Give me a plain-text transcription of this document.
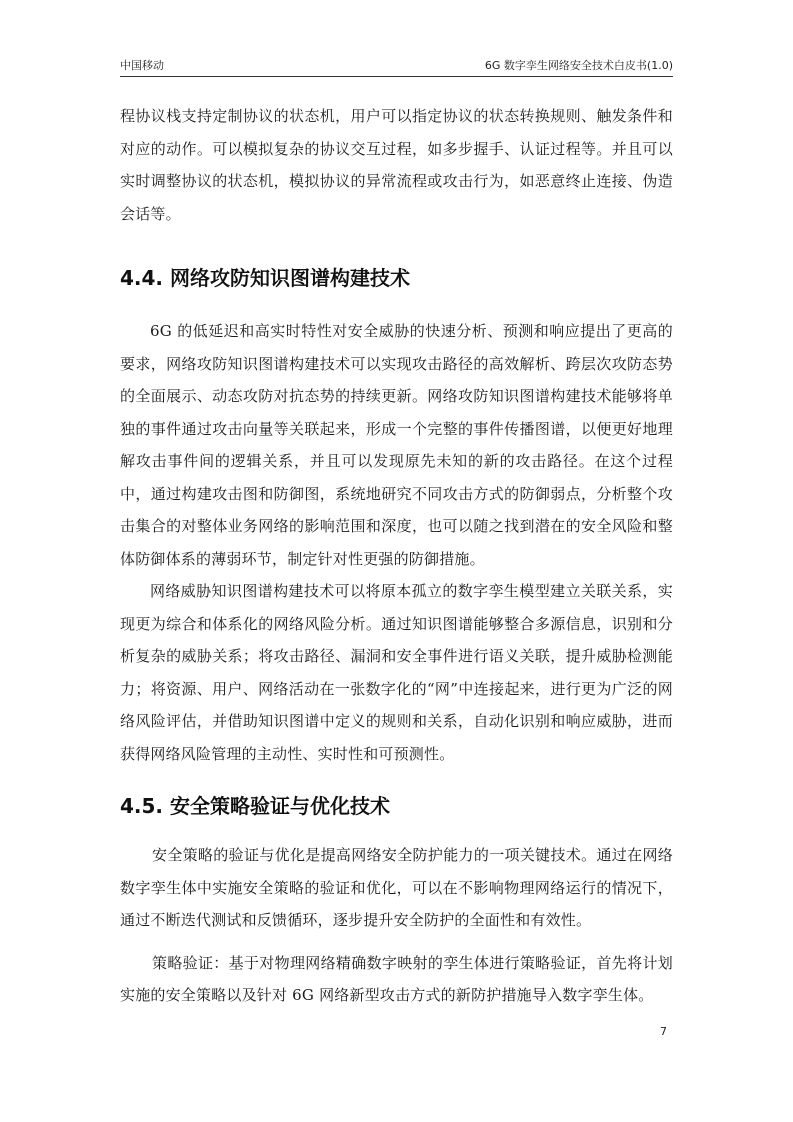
中国移动	6G 数字孪生网络安全技术白皮书(1.0)

程协议栈支持定制协议的状态机，用户可以指定协议的状态转换规则、触发条件和对应的动作。可以模拟复杂的协议交互过程，如多步握手、认证过程等。并且可以实时调整协议的状态机，模拟协议的异常流程或攻击行为，如恶意终止连接、伪造会话等。

4.4. 网络攻防知识图谱构建技术

6G 的低延迟和高实时特性对安全威胁的快速分析、预测和响应提出了更高的要求，网络攻防知识图谱构建技术可以实现攻击路径的高效解析、跨层次攻防态势的全面展示、动态攻防对抗态势的持续更新。网络攻防知识图谱构建技术能够将单独的事件通过攻击向量等关联起来，形成一个完整的事件传播图谱，以便更好地理解攻击事件间的逻辑关系，并且可以发现原先未知的新的攻击路径。在这个过程中，通过构建攻击图和防御图，系统地研究不同攻击方式的防御弱点，分析整个攻击集合的对整体业务网络的影响范围和深度，也可以随之找到潜在的安全风险和整体防御体系的薄弱环节，制定针对性更强的防御措施。

网络威胁知识图谱构建技术可以将原本孤立的数字孪生模型建立关联关系，实现更为综合和体系化的网络风险分析。通过知识图谱能够整合多源信息，识别和分析复杂的威胁关系；将攻击路径、漏洞和安全事件进行语义关联，提升威胁检测能力；将资源、用户、网络活动在一张数字化的“网”中连接起来，进行更为广泛的网络风险评估，并借助知识图谱中定义的规则和关系，自动化识别和响应威胁，进而获得网络风险管理的主动性、实时性和可预测性。

4.5. 安全策略验证与优化技术

安全策略的验证与优化是提高网络安全防护能力的一项关键技术。通过在网络数字孪生体中实施安全策略的验证和优化，可以在不影响物理网络运行的情况下，通过不断迭代测试和反馈循环，逐步提升安全防护的全面性和有效性。

策略验证：基于对物理网络精确数字映射的孪生体进行策略验证，首先将计划实施的安全策略以及针对 6G 网络新型攻击方式的新防护措施导入数字孪生体。

7
